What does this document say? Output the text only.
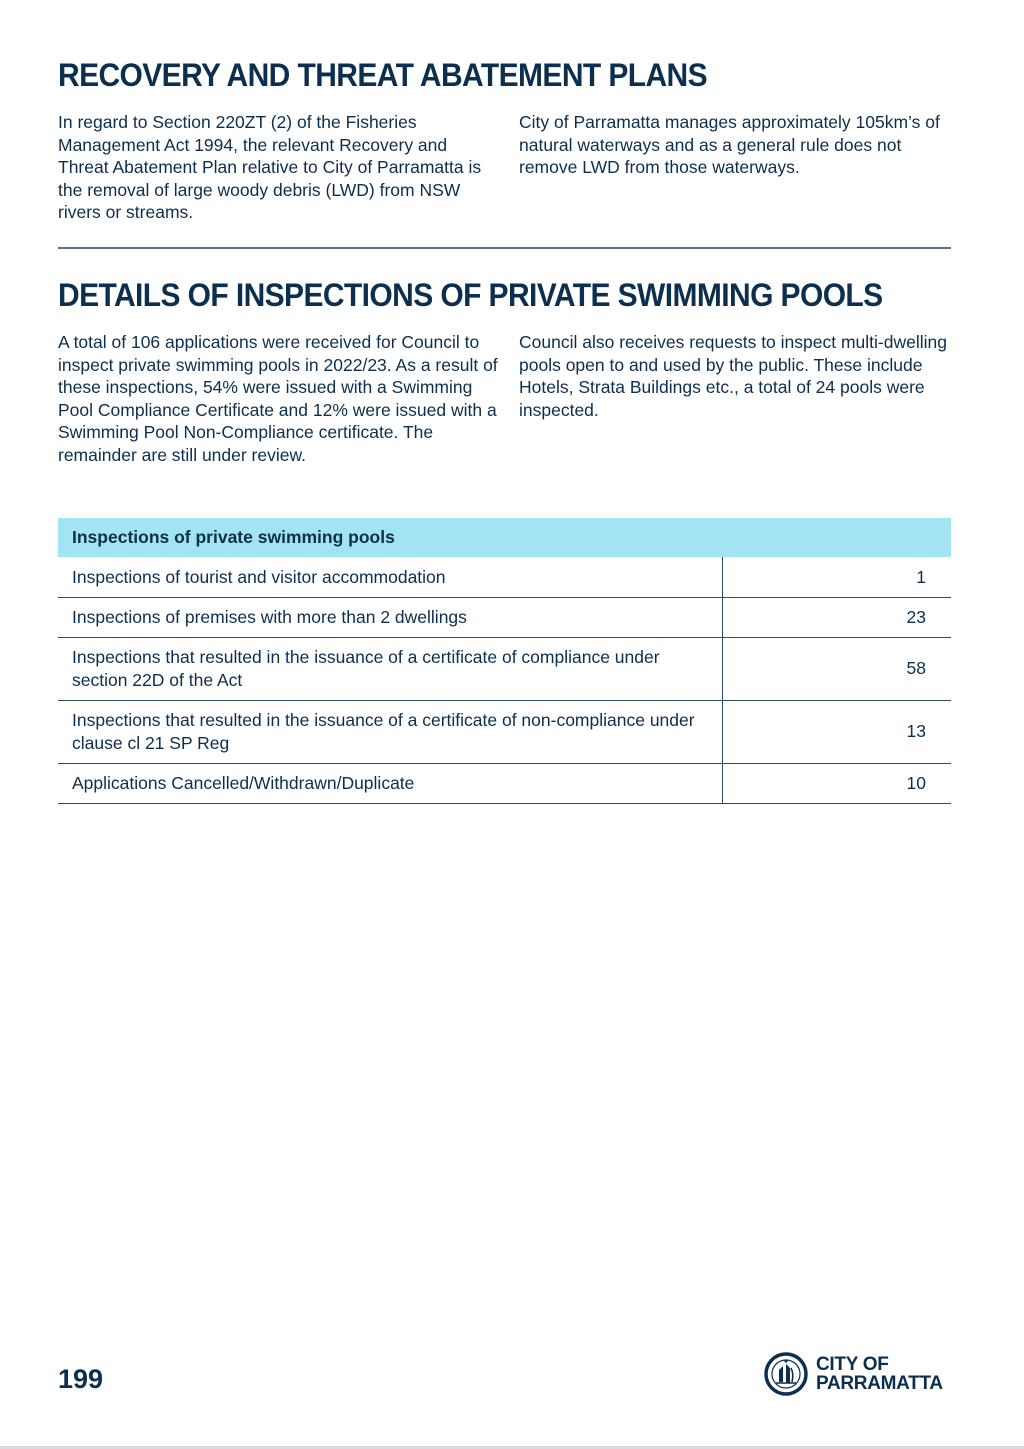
RECOVERY AND THREAT ABATEMENT PLANS

In regard to Section 220ZT (2) of the Fisheries Management Act 1994, the relevant Recovery and Threat Abatement Plan relative to City of Parramatta is the removal of large woody debris (LWD) from NSW rivers or streams.

City of Parramatta manages approximately 105km’s of natural waterways and as a general rule does not remove LWD from those waterways.

DETAILS OF INSPECTIONS OF PRIVATE SWIMMING POOLS

A total of 106 applications were received for Council to inspect private swimming pools in 2022/23. As a result of these inspections, 54% were issued with a Swimming Pool Compliance Certificate and 12% were issued with a Swimming Pool Non-Compliance certificate. The remainder are still under review.

Council also receives requests to inspect multi-dwelling pools open to and used by the public. These include Hotels, Strata Buildings etc., a total of 24 pools were inspected.

Inspections of private swimming pools	
Inspections of tourist and visitor accommodation	1
Inspections of premises with more than 2 dwellings	23
Inspections that resulted in the issuance of a certificate of compliance under section 22D of the Act	58
Inspections that resulted in the issuance of a certificate of non-compliance under clause cl 21 SP Reg	13
Applications Cancelled/Withdrawn/Duplicate	10
199	CITY OF
PARRAMATTA
